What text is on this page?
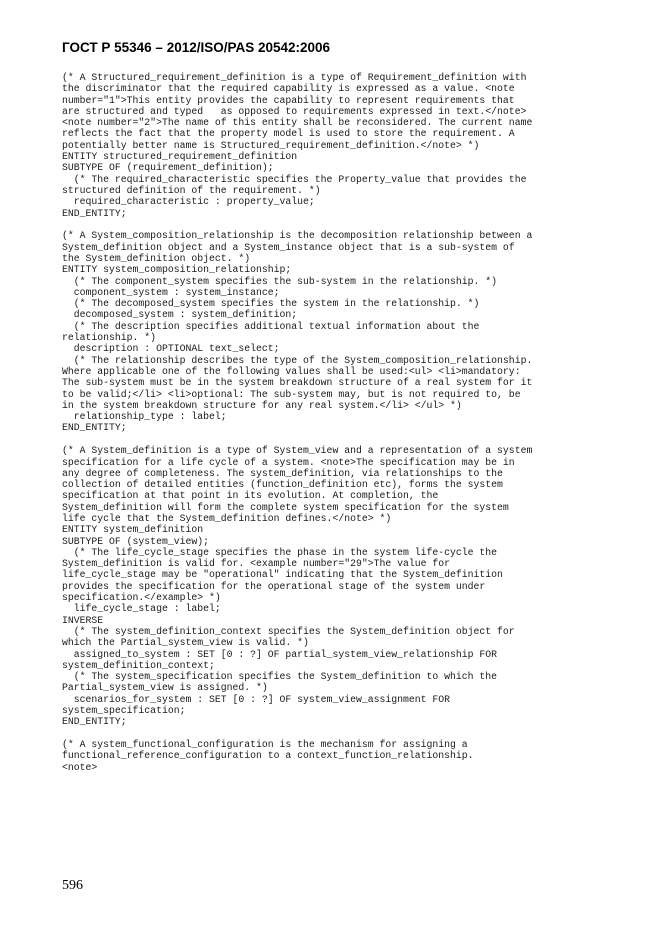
ГОСТ Р 55346 – 2012/ISO/PAS 20542:2006
(* A Structured_requirement_definition is a type of Requirement_definition with
the discriminator that the required capability is expressed as a value. <note
number="1">This entity provides the capability to represent requirements that
are structured and typed   as opposed to requirements expressed in text.</note>
<note number="2">The name of this entity shall be reconsidered. The current name
reflects the fact that the property model is used to store the requirement. A
potentially better name is Structured_requirement_definition.</note> *)
ENTITY structured_requirement_definition
SUBTYPE OF (requirement_definition);
(* The required_characteristic specifies the Property_value that provides the
structured definition of the requirement. *)
required_characteristic : property_value;
END_ENTITY;
(* A System_composition_relationship is the decomposition relationship between a
System_definition object and a System_instance object that is a sub-system of
the System_definition object. *)
ENTITY system_composition_relationship;
(* The component_system specifies the sub-system in the relationship. *)
component_system : system_instance;
(* The decomposed_system specifies the system in the relationship. *)
decomposed_system : system_definition;
(* The description specifies additional textual information about the
relationship. *)
description : OPTIONAL text_select;
(* The relationship describes the type of the System_composition_relationship.
Where applicable one of the following values shall be used:<ul> <li>mandatory:
The sub-system must be in the system breakdown structure of a real system for it
to be valid;</li> <li>optional: The sub-system may, but is not required to, be
in the system breakdown structure for any real system.</li> </ul> *)
relationship_type : label;
END_ENTITY;
(* A System_definition is a type of System_view and a representation of a system
specification for a life cycle of a system. <note>The specification may be in
any degree of completeness. The system_definition, via relationships to the
collection of detailed entities (function_definition etc), forms the system
specification at that point in its evolution. At completion, the
System_definition will form the complete system specification for the system
life cycle that the System_definition defines.</note> *)
ENTITY system_definition
SUBTYPE OF (system_view);
(* The life_cycle_stage specifies the phase in the system life-cycle the
System_definition is valid for. <example number="29">The value for
life_cycle_stage may be "operational" indicating that the System_definition
provides the specification for the operational stage of the system under
specification.</example> *)
life_cycle_stage : label;
INVERSE
(* The system_definition_context specifies the System_definition object for
which the Partial_system_view is valid. *)
assigned_to_system : SET [0 : ?] OF partial_system_view_relationship FOR
system_definition_context;
(* The system_specification specifies the System_definition to which the
Partial_system_view is assigned. *)
scenarios_for_system : SET [0 : ?] OF system_view_assignment FOR
system_specification;
END_ENTITY;
(* A system_functional_configuration is the mechanism for assigning a
functional_reference_configuration to a context_function_relationship.
<note>
596
